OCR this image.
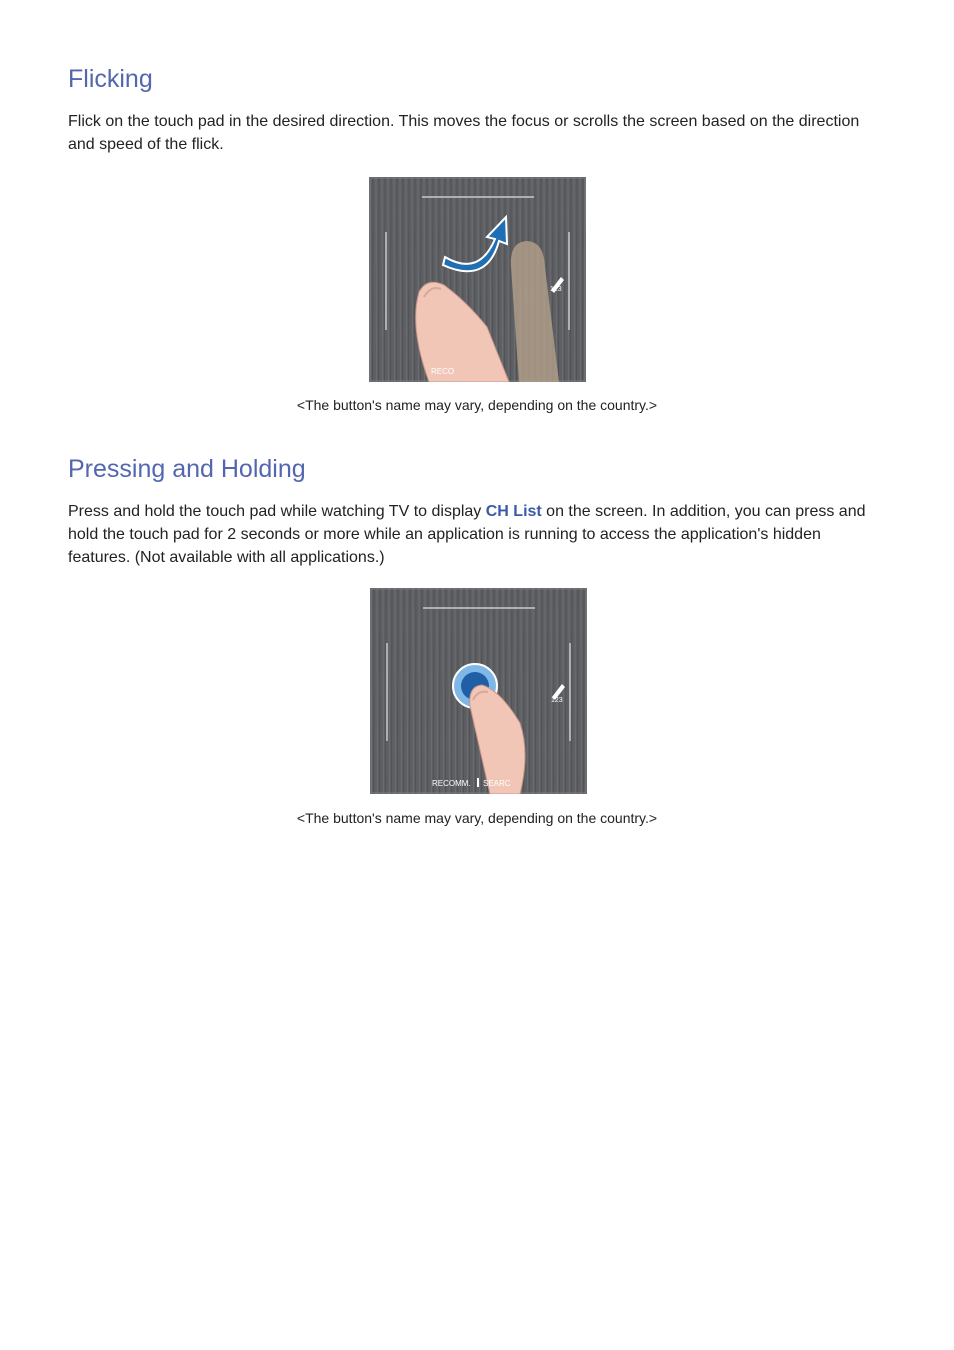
Flicking

Flick on the touch pad in the desired direction. This moves the focus or scrolls the screen based on the direction and speed of the flick.

123
RECO
<The button's name may vary, depending on the country.>
Pressing and Holding

Press and hold the touch pad while watching TV to display CH List on the screen. In addition, you can press and hold the touch pad for 2 seconds or more while an application is running to access the application's hidden features. (Not available with all applications.)

123
RECOMM. SEARC
<The button's name may vary, depending on the country.>
